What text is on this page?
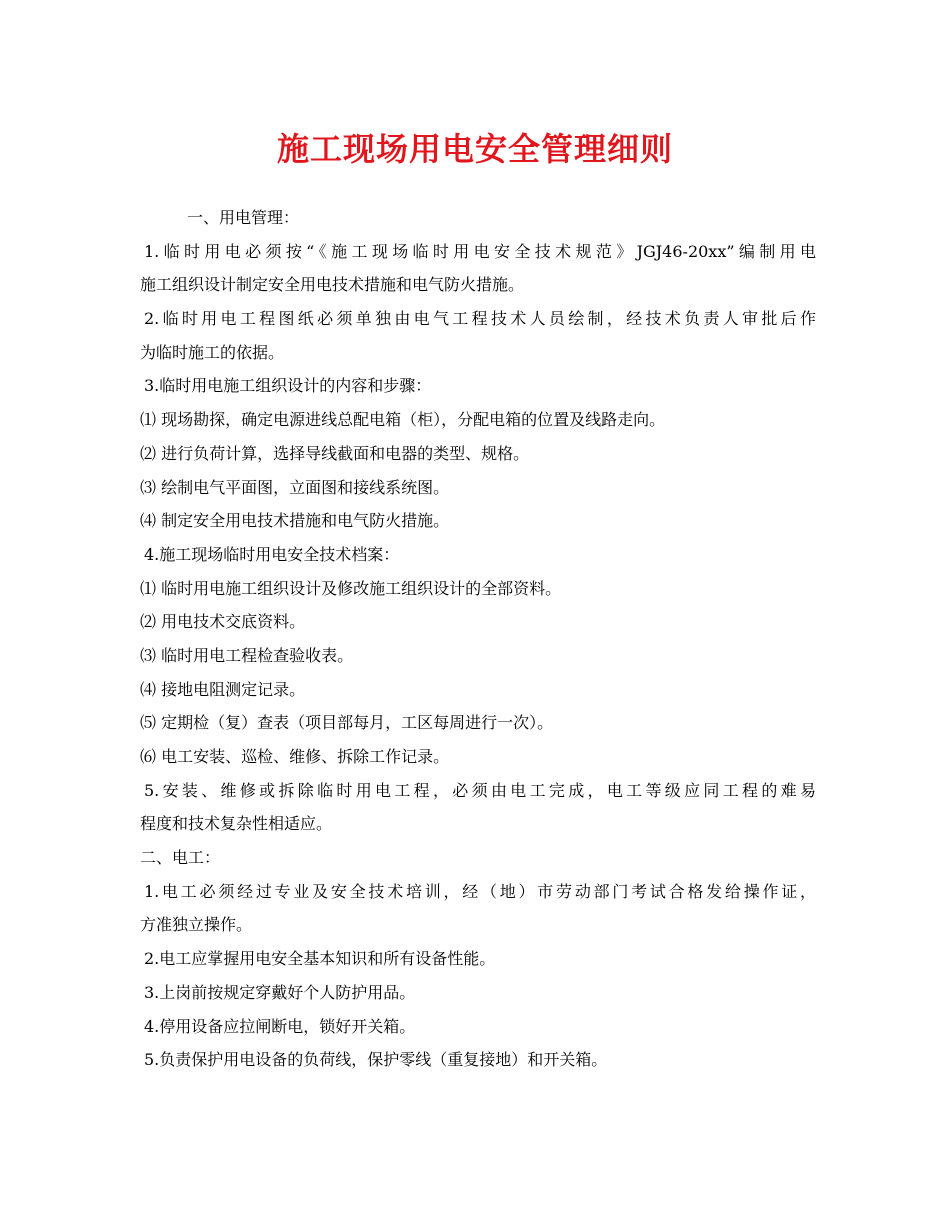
施工现场用电安全管理细则

一、用电管理：

1.临时用电必须按“《施工现场临时用电安全技术规范》JGJ46-20xx”编制用电

施工组织设计制定安全用电技术措施和电气防火措施。

2.临时用电工程图纸必须单独由电气工程技术人员绘制，经技术负责人审批后作

为临时施工的依据。

3.临时用电施工组织设计的内容和步骤：

⑴ 现场勘探，确定电源进线总配电箱（柜），分配电箱的位置及线路走向。

⑵ 进行负荷计算，选择导线截面和电器的类型、规格。

⑶ 绘制电气平面图，立面图和接线系统图。

⑷ 制定安全用电技术措施和电气防火措施。

4.施工现场临时用电安全技术档案：

⑴ 临时用电施工组织设计及修改施工组织设计的全部资料。

⑵ 用电技术交底资料。

⑶ 临时用电工程检查验收表。

⑷ 接地电阻测定记录。

⑸ 定期检（复）查表（项目部每月，工区每周进行一次）。

⑹ 电工安装、巡检、维修、拆除工作记录。

5.安装、维修或拆除临时用电工程，必须由电工完成，电工等级应同工程的难易

程度和技术复杂性相适应。

二、电工：

1.电工必须经过专业及安全技术培训，经（地）市劳动部门考试合格发给操作证，

方准独立操作。

2.电工应掌握用电安全基本知识和所有设备性能。

3.上岗前按规定穿戴好个人防护用品。

4.停用设备应拉闸断电，锁好开关箱。

5.负责保护用电设备的负荷线，保护零线（重复接地）和开关箱。
